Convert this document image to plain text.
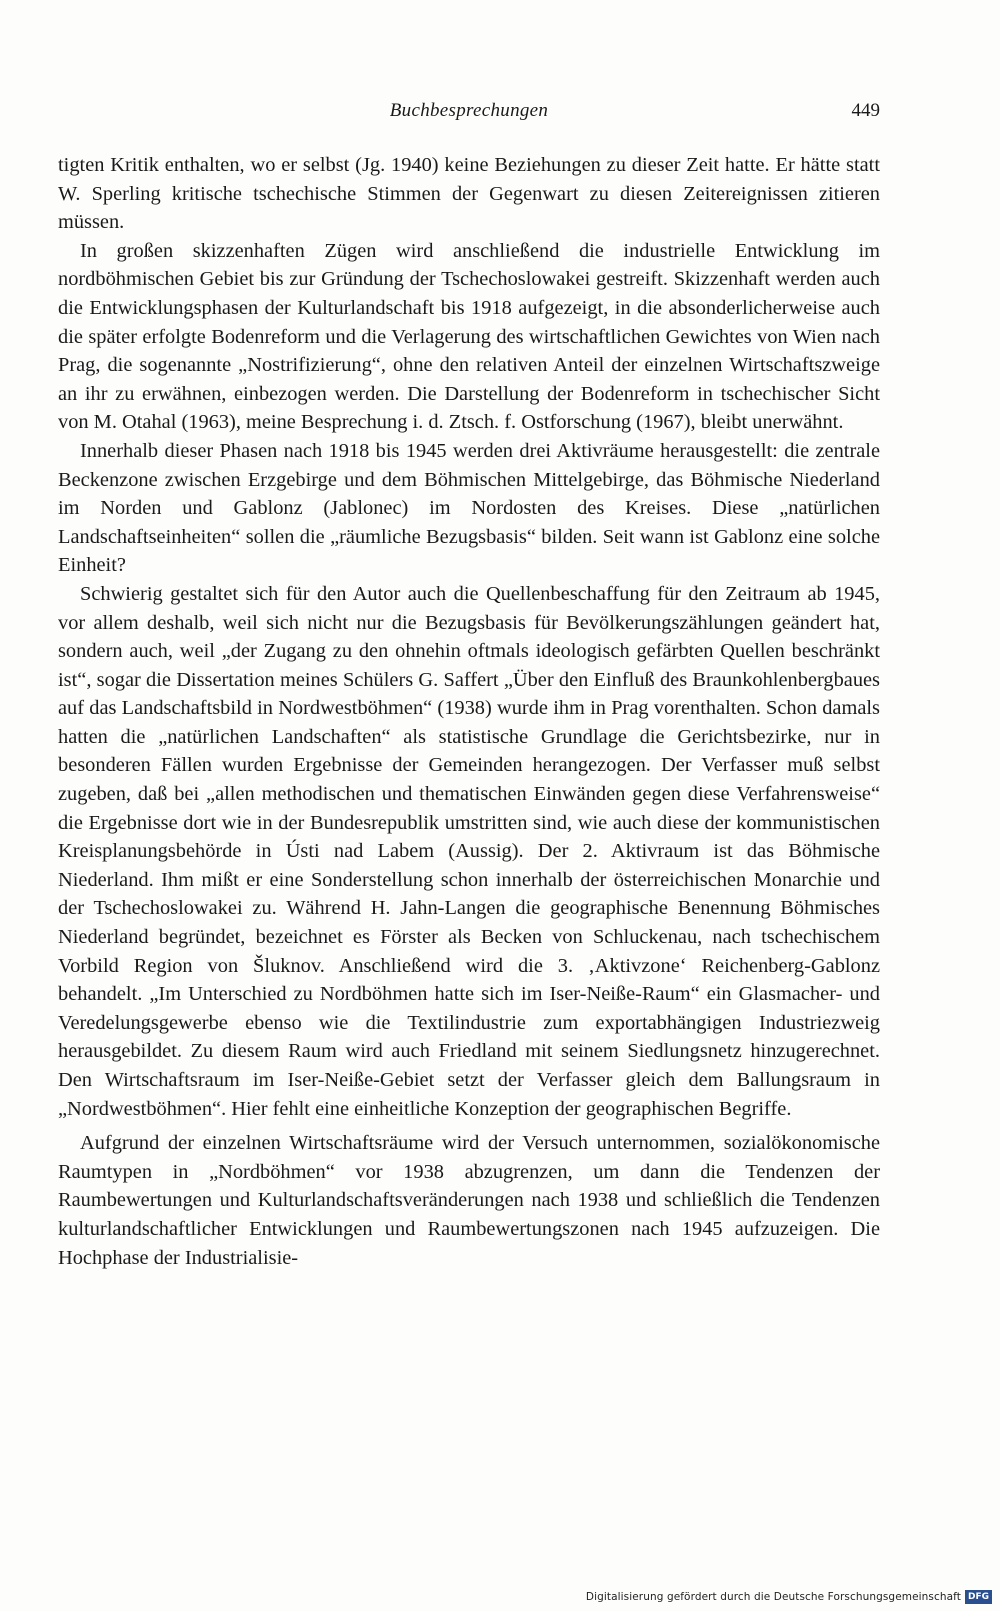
Buchbesprechungen	449

tigten Kritik enthalten, wo er selbst (Jg. 1940) keine Beziehungen zu dieser Zeit hatte. Er hätte statt W. Sperling kritische tschechische Stimmen der Gegenwart zu diesen Zeitereignissen zitieren müssen.

In großen skizzenhaften Zügen wird anschließend die industrielle Entwicklung im nordböhmischen Gebiet bis zur Gründung der Tschechoslowakei gestreift. Skizzenhaft werden auch die Entwicklungsphasen der Kulturlandschaft bis 1918 aufgezeigt, in die absonderlicherweise auch die später erfolgte Bodenreform und die Verlagerung des wirtschaftlichen Gewichtes von Wien nach Prag, die sogenannte „Nostrifizierung“, ohne den relativen Anteil der einzelnen Wirtschaftszweige an ihr zu erwähnen, einbezogen werden. Die Darstellung der Bodenreform in tschechischer Sicht von M. Otahal (1963), meine Besprechung i. d. Ztsch. f. Ostforschung (1967), bleibt unerwähnt.

Innerhalb dieser Phasen nach 1918 bis 1945 werden drei Aktivräume herausgestellt: die zentrale Beckenzone zwischen Erzgebirge und dem Böhmischen Mittelgebirge, das Böhmische Niederland im Norden und Gablonz (Jablonec) im Nordosten des Kreises. Diese „natürlichen Landschaftseinheiten“ sollen die „räumliche Bezugsbasis“ bilden. Seit wann ist Gablonz eine solche Einheit?

Schwierig gestaltet sich für den Autor auch die Quellenbeschaffung für den Zeitraum ab 1945, vor allem deshalb, weil sich nicht nur die Bezugsbasis für Bevölkerungszählungen geändert hat, sondern auch, weil „der Zugang zu den ohnehin oftmals ideologisch gefärbten Quellen beschränkt ist“, sogar die Dissertation meines Schülers G. Saffert „Über den Einfluß des Braunkohlenbergbaues auf das Landschaftsbild in Nordwestböhmen“ (1938) wurde ihm in Prag vorenthalten. Schon damals hatten die „natürlichen Landschaften“ als statistische Grundlage die Gerichtsbezirke, nur in besonderen Fällen wurden Ergebnisse der Gemeinden herangezogen. Der Verfasser muß selbst zugeben, daß bei „allen methodischen und thematischen Einwänden gegen diese Verfahrensweise“ die Ergebnisse dort wie in der Bundesrepublik umstritten sind, wie auch diese der kommunistischen Kreisplanungsbehörde in Ústi nad Labem (Aussig). Der 2. Aktivraum ist das Böhmische Niederland. Ihm mißt er eine Sonderstellung schon innerhalb der österreichischen Monarchie und der Tschechoslowakei zu. Während H. Jahn-Langen die geographische Benennung Böhmisches Niederland begründet, bezeichnet es Förster als Becken von Schluckenau, nach tschechischem Vorbild Region von Šluknov. Anschließend wird die 3. ‚Aktivzone‘ Reichenberg-Gablonz behandelt. „Im Unterschied zu Nordböhmen hatte sich im Iser-Neiße-Raum“ ein Glasmacher- und Veredelungsgewerbe ebenso wie die Textilindustrie zum exportabhängigen Industriezweig herausgebildet. Zu diesem Raum wird auch Friedland mit seinem Siedlungsnetz hinzugerechnet. Den Wirtschaftsraum im Iser-Neiße-Gebiet setzt der Verfasser gleich dem Ballungsraum in „Nordwestböhmen“. Hier fehlt eine einheitliche Konzeption der geographischen Begriffe.

Aufgrund der einzelnen Wirtschaftsräume wird der Versuch unternommen, sozialökonomische Raumtypen in „Nordböhmen“ vor 1938 abzugrenzen, um dann die Tendenzen der Raumbewertungen und Kulturlandschaftsveränderungen nach 1938 und schließlich die Tendenzen kulturlandschaftlicher Entwicklungen und Raumbewertungszonen nach 1945 aufzuzeigen. Die Hochphase der Industrialisie-

Digitalisierung gefördert durch die Deutsche Forschungsgemeinschaft DFG
